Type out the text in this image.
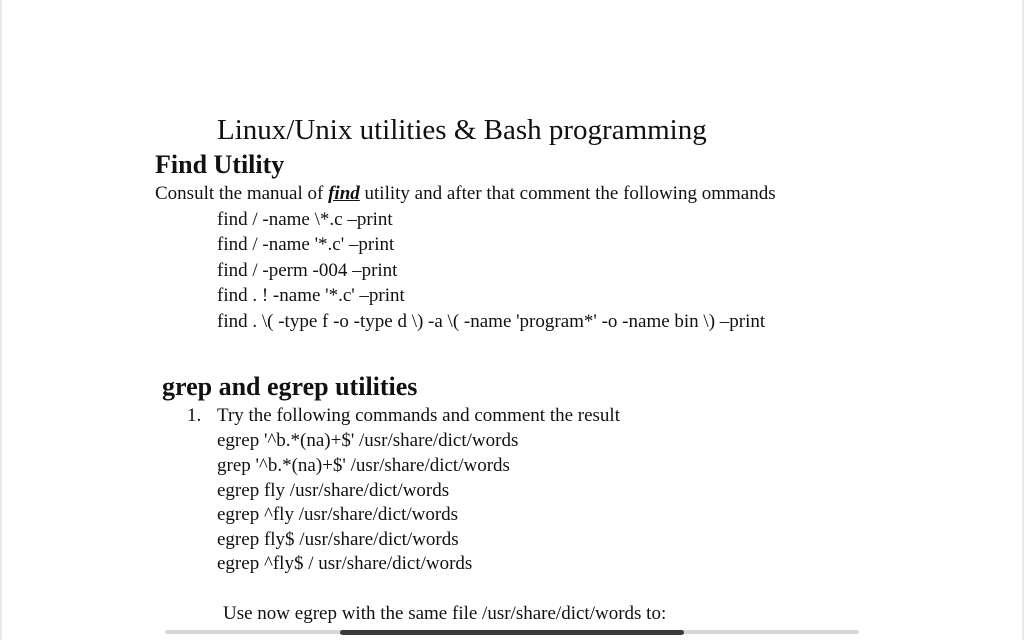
Linux/Unix utilities & Bash programming
Find Utility
Consult the manual of find utility and after that comment the following ommands
find / -name \*.c –print
find / -name '*.c' –print
find / -perm -004 –print
find . ! -name '*.c' –print
find . \( -type f -o -type d \) -a \( -name 'program*' -o -name bin \) –print
grep and egrep utilities
1. Try the following commands and comment the result
egrep '^b.*(na)+$' /usr/share/dict/words
grep '^b.*(na)+$' /usr/share/dict/words
egrep fly /usr/share/dict/words
egrep ^fly /usr/share/dict/words
egrep fly$ /usr/share/dict/words
egrep ^fly$ / usr/share/dict/words
Use now egrep with the same file /usr/share/dict/words to:
